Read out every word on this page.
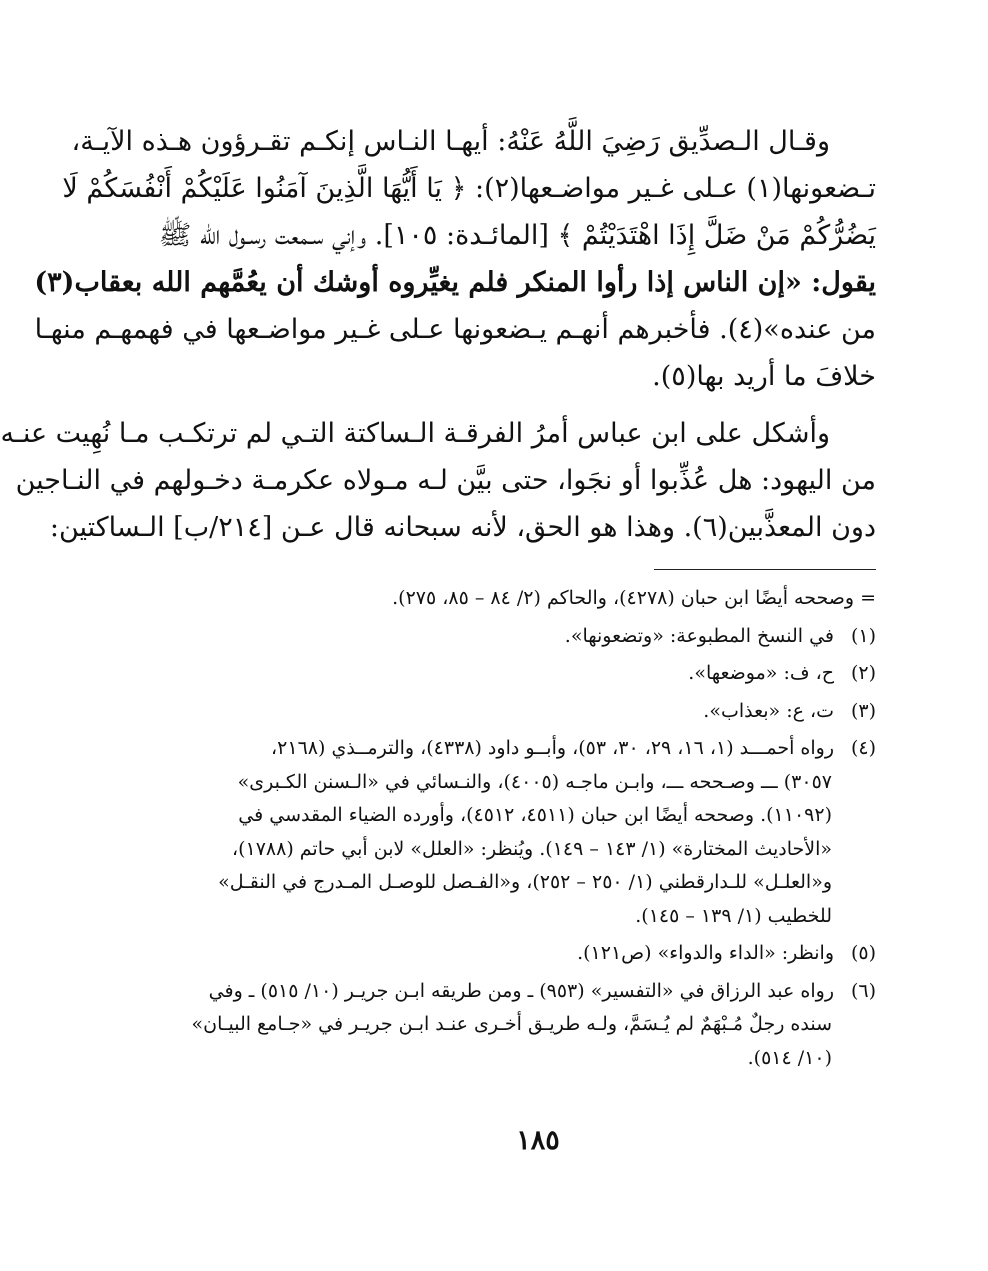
وقـال الـصدِّيق رَضِيَ اللَّهُ عَنْهُ: أيهـا النـاس إنكـم تقـرؤون هـذه الآيـة،
تـضعونها(١) عـلى غـير مواضـعها(٢): ﴿ يَا أَيُّهَا الَّذِينَ آمَنُوا عَلَيْكُمْ أَنْفُسَكُمْ لَا
يَضُرُّكُمْ مَنْ ضَلَّ إِذَا اهْتَدَيْتُمْ ﴾ [المائـدة: ١٠٥]. وإني سـمعت رسـول الله ﷺ
يقول: «إن الناس إذا رأوا المنكر فلم يغيِّروه أوشك أن يعُمَّهم الله بعقاب(٣)
من عنده»(٤). فأخبرهم أنهـم يـضعونها عـلى غـير مواضـعها في فهمهـم منهـا
خلافَ ما أريد بها(٥).
وأشكل على ابن عباس أمرُ الفرقـة الـساكتة التـي لم ترتكـب مـا نُهِيت عنـه
من اليهود: هل عُذِّبوا أو نجَوا، حتى بيَّن لـه مـولاه عكرمـة دخـولهم في النـاجين
دون المعذَّبين(٦). وهذا هو الحق، لأنه سبحانه قال عـن [٢١٤/ب] الـساكتين:
= وصححه أيضًا ابن حبان (٤٢٧٨)، والحاكم (٢/ ٨٤ – ٨٥، ٢٧٥).
(١)في النسخ المطبوعة: «وتضعونها».
(٢)ح، ف: «موضعها».
(٣)ت، ع: «بعذاب».
(٤)رواه أحمـــد (١، ١٦، ٢٩، ٣٠، ٥٣)، وأبــو داود (٤٣٣٨)، والترمــذي (٢١٦٨،
٣٠٥٧) ـــ وصـححه ـــ، وابـن ماجـه (٤٠٠٥)، والنـسائي في «الـسنن الكـبرى»
(١١٠٩٢). وصححه أيضًا ابن حبان (٤٥١١، ٤٥١٢)، وأورده الضياء المقدسي في
«الأحاديث المختارة» (١/ ١٤٣ – ١٤٩). ويُنظر: «العلل» لابن أبي حاتم (١٧٨٨)،
و«العلـل» للـدارقطني (١/ ٢٥٠ – ٢٥٢)، و«الفـصل للوصـل المـدرج في النقـل»
للخطيب (١/ ١٣٩ – ١٤٥).
(٥)وانظر: «الداء والدواء» (ص١٢١).
(٦)رواه عبد الرزاق في «التفسير» (٩٥٣) ـ ومن طريقه ابـن جريـر (١٠/ ٥١٥) ـ وفي
سنده رجلٌ مُـبْهَمٌ لم يُـسَمَّ، ولـه طريـق أخـرى عنـد ابـن جريـر في «جـامع البيـان»
(١٠/ ٥١٤).
١٨٥
